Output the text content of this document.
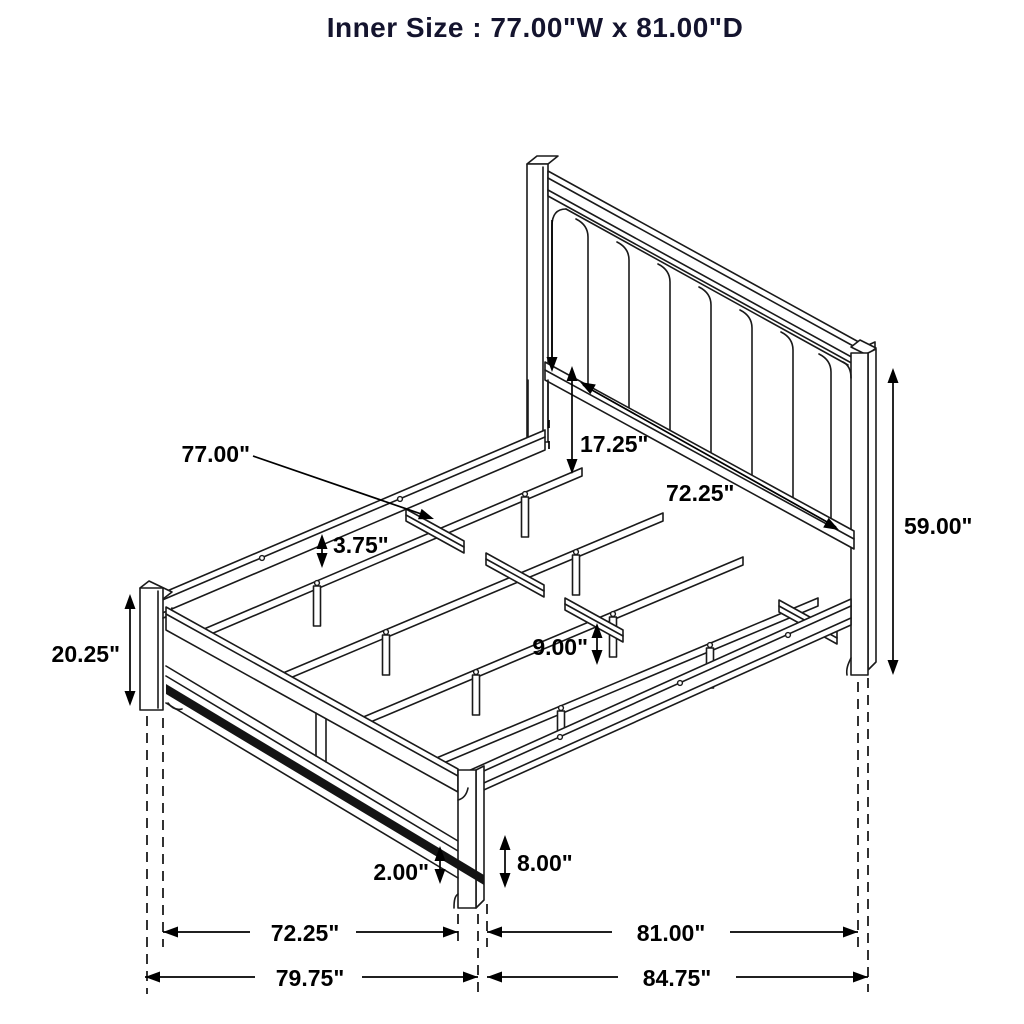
Inner Size : 77.00"W x 81.00"D
77.00"
3.75"
17.25"
72.25"
59.00"
20.25"	9.00"
8.00"
2.00"
72.25"	81.00"
79.75"	84.75"
